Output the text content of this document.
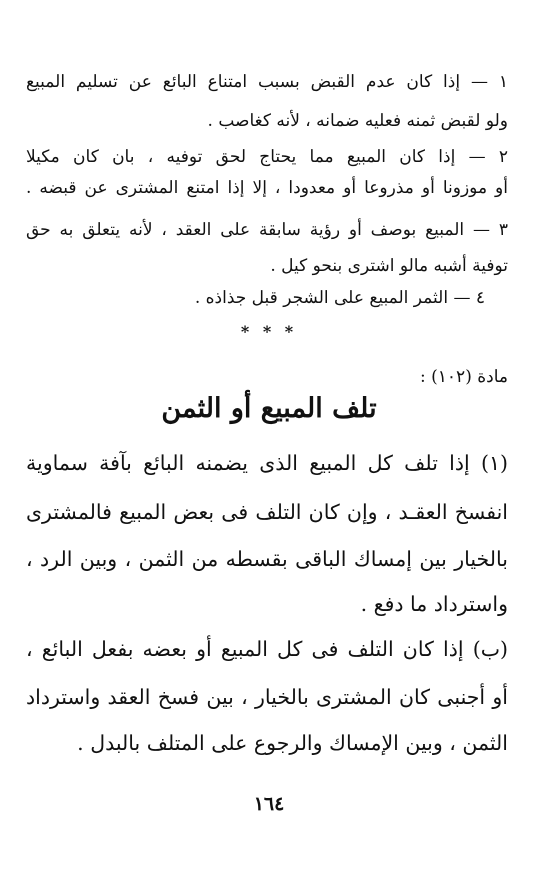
١ — إذا كان عدم القبض بسبب امتناع البائع عن تسليم المبيع
ولو لقبض ثمنه فعليه ضمانه ، لأنه كغاصب .
٢ — إذا كان المبيع مما يحتاج لحق توفيه ، بان كان مكيلا
أو موزونا أو مذروعا أو معدودا ، إلا إذا امتنع المشترى عن قبضه .
٣ — المبيع بوصف أو رؤية سابقة على العقد ، لأنه يتعلق به حق
توفية أشبه مالو اشترى بنحو كيل .
٤ — الثمر المبيع على الشجر قبل جذاذه .
* * *
مادة (١٠٢) :
تلف المبيع أو الثمن
(١) إذا تلف كل المبيع الذى يضمنه البائع بآفة سماوية
انفسخ العقـد ، وإن كان التلف فى بعض المبيع فالمشترى
بالخيار بين إمساك الباقى بقسطه من الثمن ، وبين الرد ،
واسترداد ما دفع .
(ب) إذا كان التلف فى كل المبيع أو بعضه بفعل البائع ،
أو أجنبى كان المشترى بالخيار ، بين فسخ العقد واسترداد
الثمن ، وبين الإمساك والرجوع على المتلف بالبدل .
١٦٤
